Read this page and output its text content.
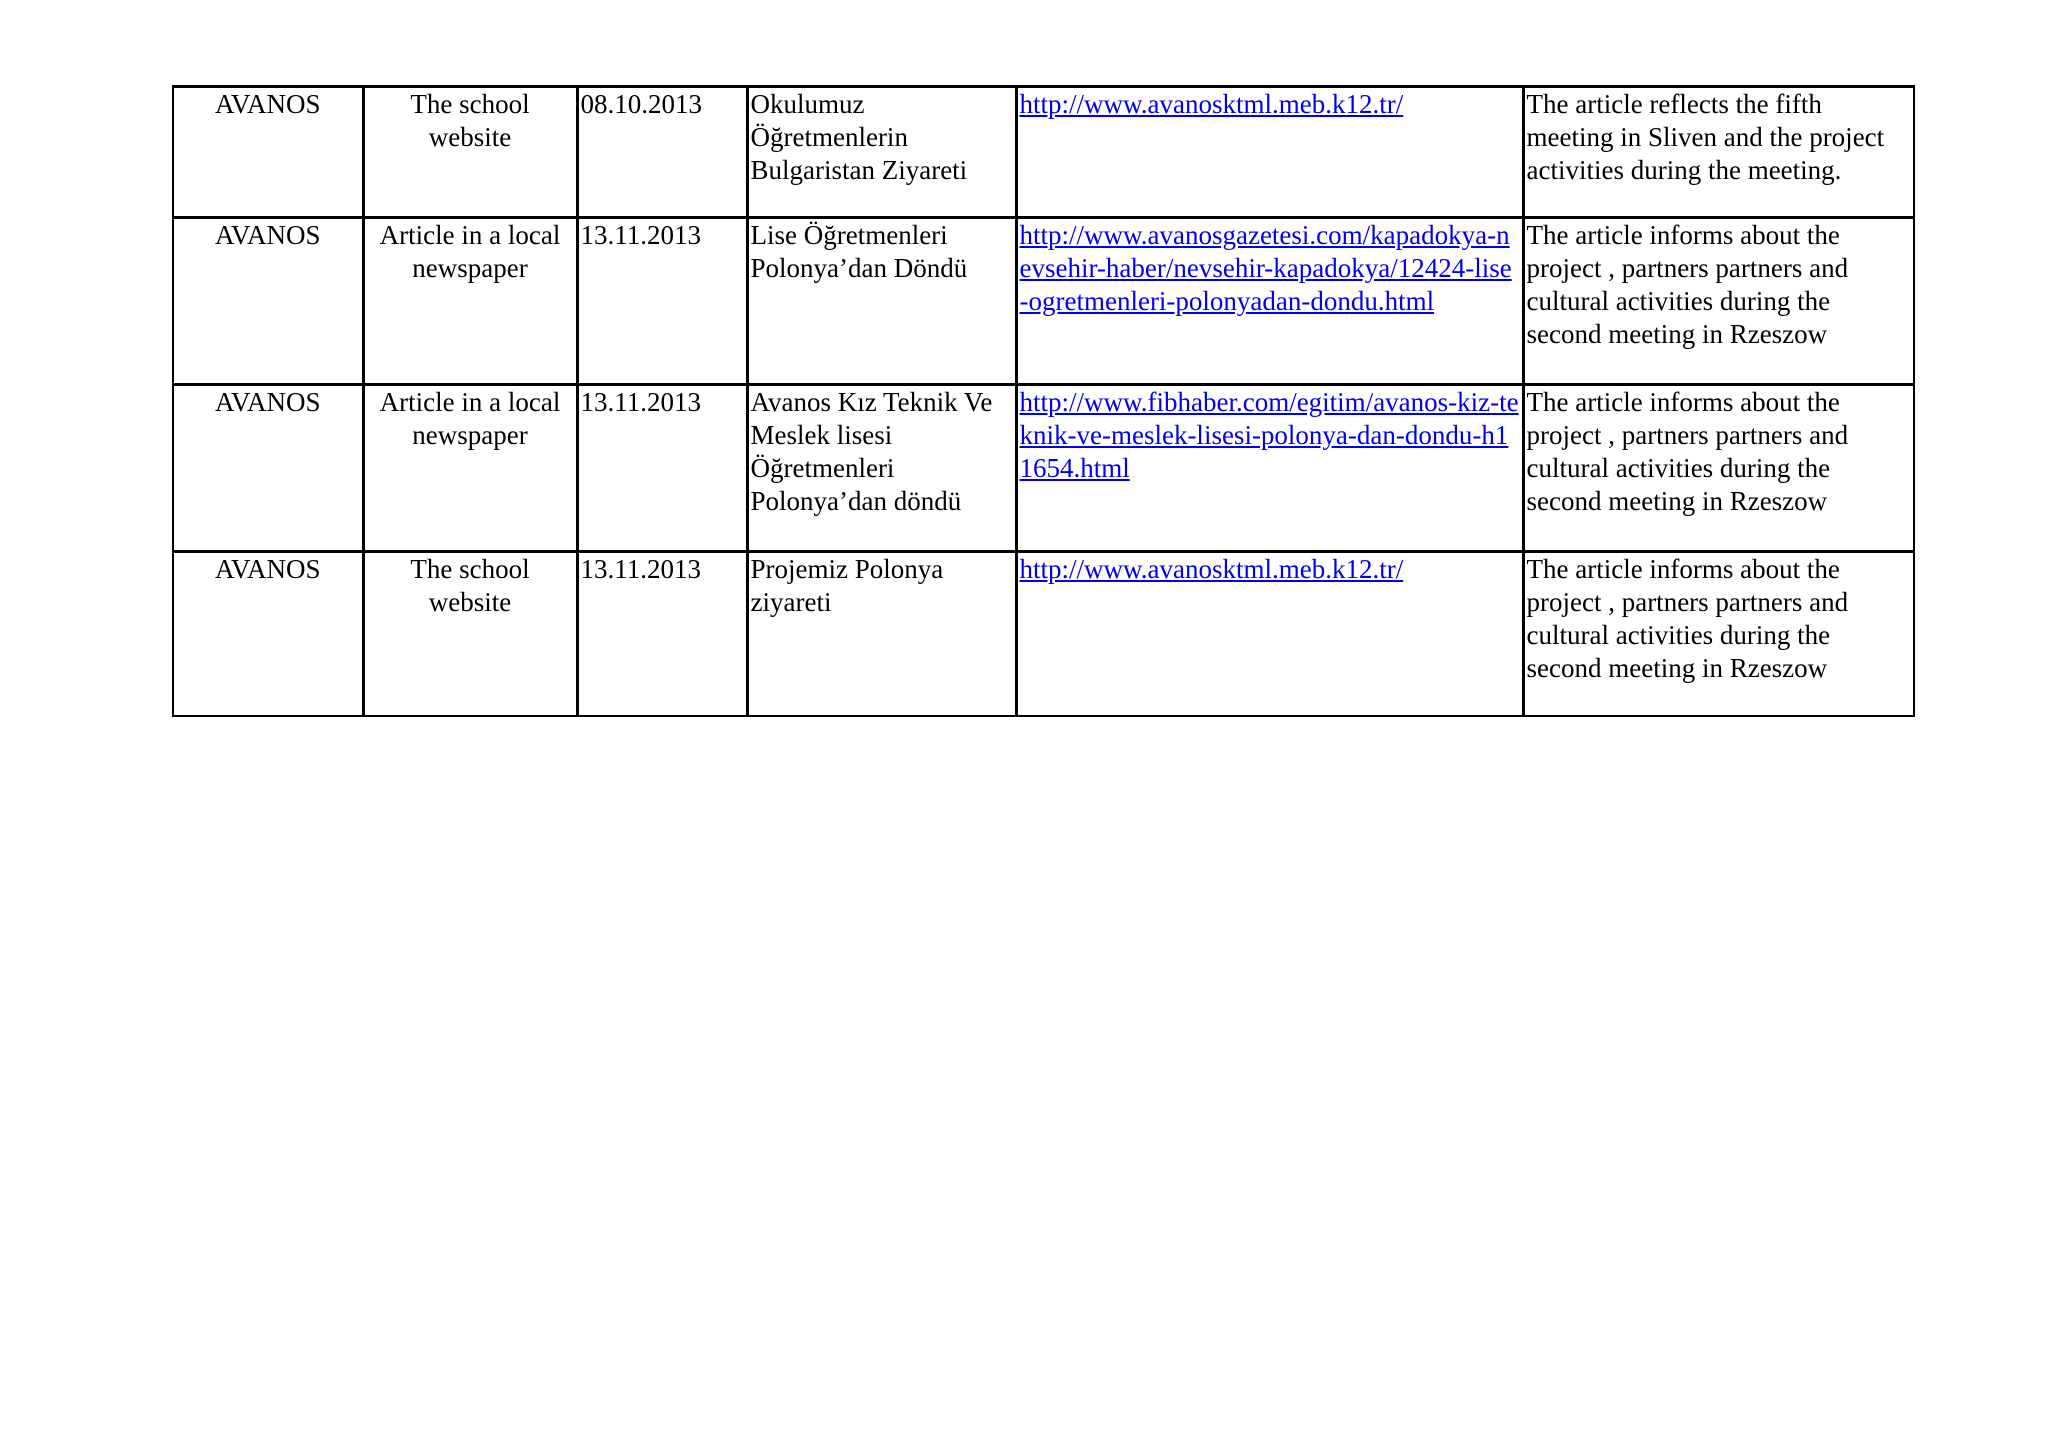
AVANOS	The school website	08.10.2013	Okulumuz Öğretmenlerin Bulgaristan Ziyareti	http://www.avanosktml.meb.k12.tr/	The article reflects the fifth meeting in Sliven and the project activities during the meeting.
AVANOS	Article in a local newspaper	13.11.2013	Lise Öğretmenleri Polonya’dan Döndü	http://www.avanosgazetesi.com/kapadokya-nevsehir-haber/nevsehir-kapadokya/12424-lise-ogretmenleri-polonyadan-dondu.html	The article informs about the project , partners partners and cultural activities during the second meeting in Rzeszow
AVANOS	Article in a local newspaper	13.11.2013	Avanos Kız Teknik Ve Meslek lisesi Öğretmenleri Polonya’dan döndü	http://www.fibhaber.com/egitim/avanos-kiz-teknik-ve-meslek-lisesi-polonya-dan-dondu-h11654.html	The article informs about the project , partners partners and cultural activities during the second meeting in Rzeszow
AVANOS	The school website	13.11.2013	Projemiz Polonya ziyareti	http://www.avanosktml.meb.k12.tr/	The article informs about the project , partners partners and cultural activities during the second meeting in Rzeszow
